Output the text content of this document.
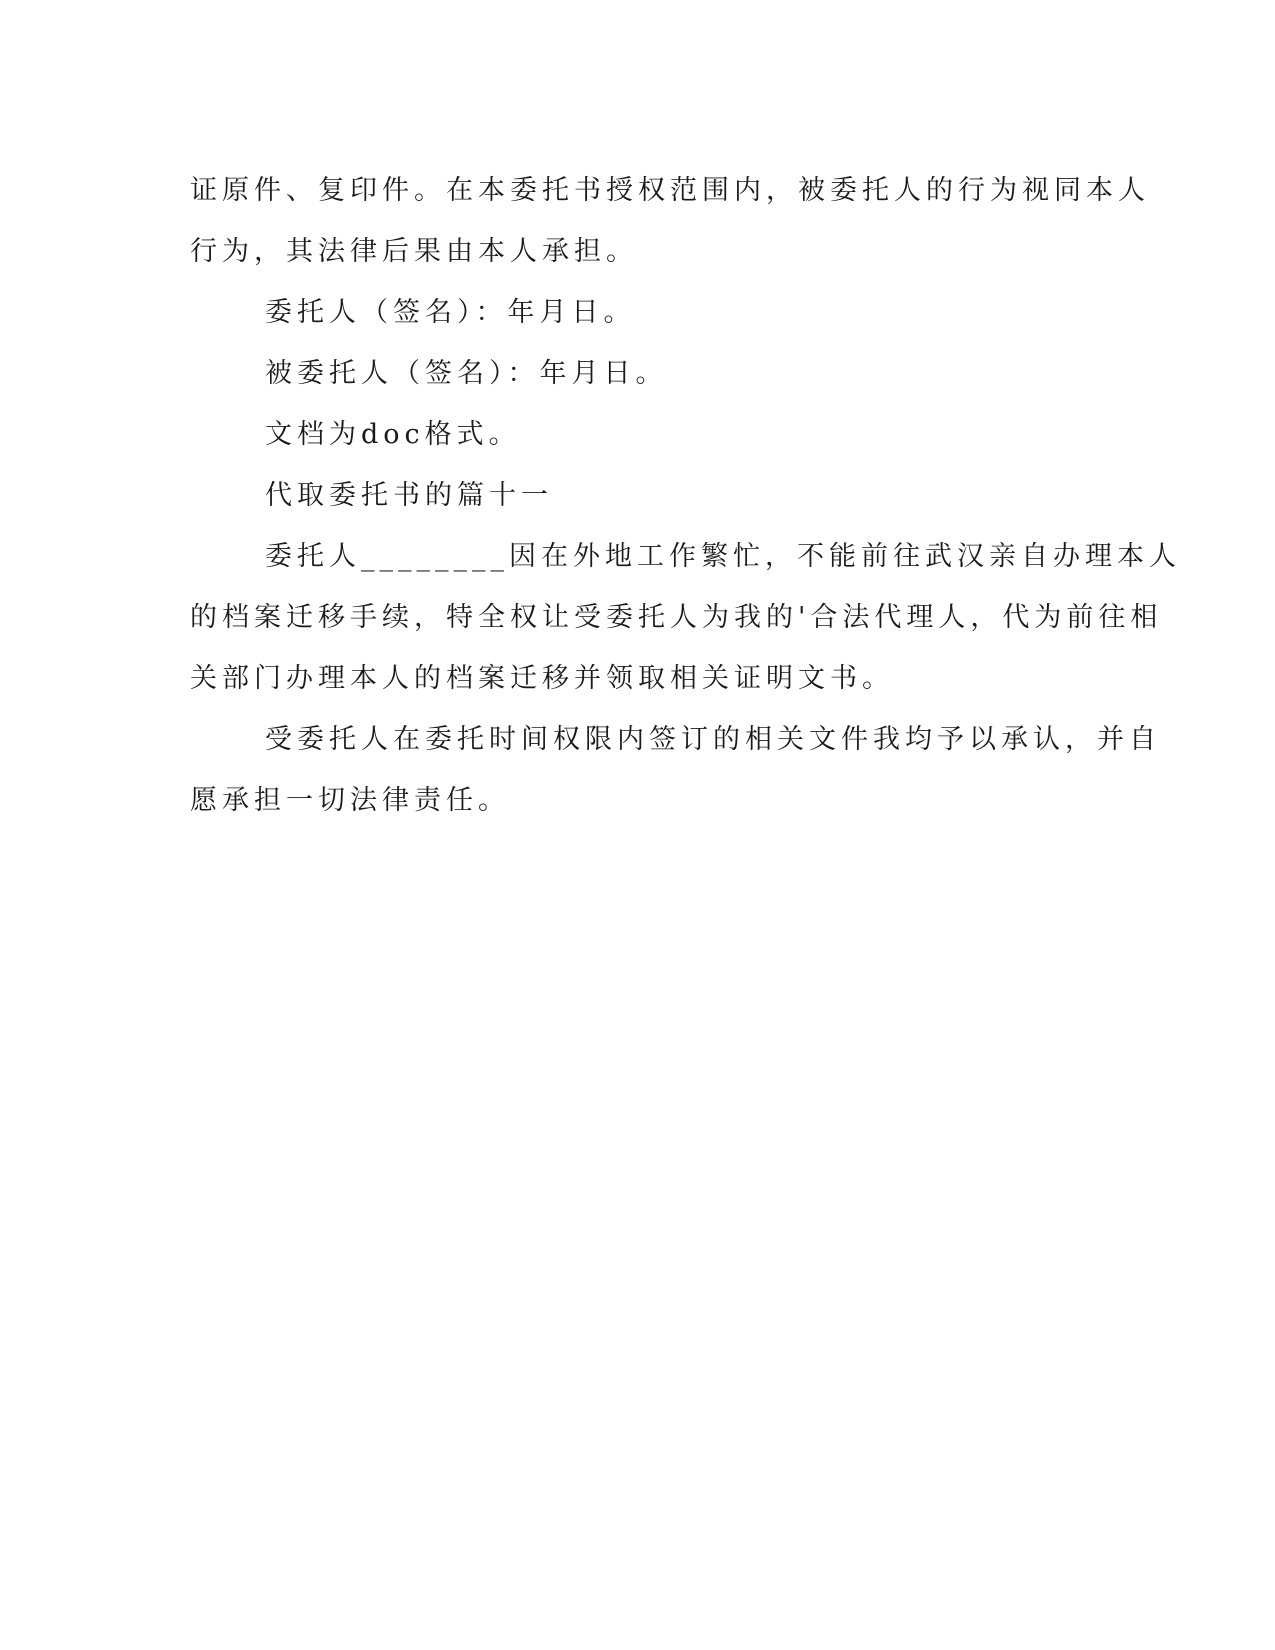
证原件、复印件。在本委托书授权范围内，被委托人的行为视同本人
行为，其法律后果由本人承担。
委托人（签名）：年月日。
被委托人（签名）：年月日。
文档为doc格式。
代取委托书的篇十一
委托人________因在外地工作繁忙，不能前往武汉亲自办理本人
的档案迁移手续，特全权让受委托人为我的'合法代理人，代为前往相
关部门办理本人的档案迁移并领取相关证明文书。
受委托人在委托时间权限内签订的相关文件我均予以承认，并自
愿承担一切法律责任。
